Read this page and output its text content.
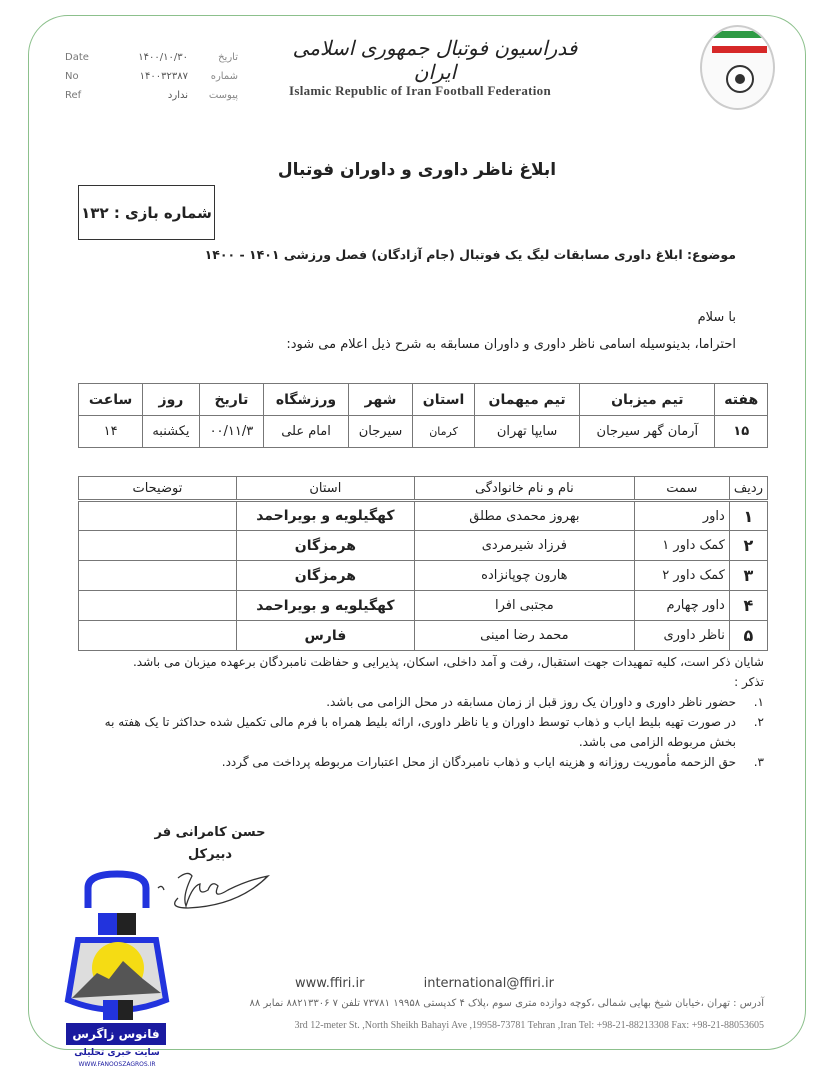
فدراسیون فوتبال جمهوری اسلامی ایران
Islamic Republic of Iran Football Federation
Date	۱۴۰۰/۱۰/۳۰	تاریخ
No	۱۴۰۰۳۲۳۸۷ شماره
Ref	ندارد پیوست
ابلاغ ناظر داوری و داوران فوتبال
شماره بازی : ۱۳۲
موضوع: ابلاغ داوری مسابقات لیگ یک فوتبال (جام آزادگان) فصل ورزشی ۱۴۰۱ - ۱۴۰۰
با سلام
احتراما، بدینوسیله اسامی ناظر داوری و داوران مسابقه به شرح ذیل اعلام می شود:
هفته	تیم میزبان	تیم میهمان	استان	شهر	ورزشگاه	تاریخ	روز	ساعت
۱۵	آرمان گهر سیرجان	سایپا تهران	کرمان	سیرجان	امام علی	۰۰/۱۱/۳	یکشنبه	۱۴
ردیف	سمت	نام و نام خانوادگی	استان	توضیحات
۱	داور	بهروز محمدی مطلق	کهگیلویه و بویراحمد	
۲	کمک داور ۱	فرزاد شیرمردی	هرمزگان	
۳	کمک داور ۲	هارون چوپانزاده	هرمزگان	
۴	داور چهارم	مجتبی افرا	کهگیلویه و بویراحمد	
۵	ناظر داوری	محمد رضا امینی	فارس	
شایان ذکر است، کلیه تمهیدات جهت استقبال، رفت و آمد داخلی، اسکان، پذیرایی و حفاظت نامبردگان برعهده میزبان می باشد.
تذکر :
۱.
حضور ناظر داوری و داوران یک روز قبل از زمان مسابقه در محل الزامی می باشد.
۲.
در صورت تهیه بلیط ایاب و ذهاب توسط داوران و یا ناظر داوری، ارائه بلیط همراه با فرم مالی تکمیل شده حداکثر تا یک هفته به بخش مربوطه الزامی می باشد.
۳.
حق الزحمه مأموریت روزانه و هزینه ایاب و ذهاب نامبردگان از محل اعتبارات مربوطه پرداخت می گردد.
حسن کامرانی فر
دبیرکل
www.ffiri.ir	international@ffiri.ir
آدرس : تهران ،خیابان شیخ بهایی شمالی ،کوچه دوازده متری سوم ،پلاک ۴ کدپستی ۱۹۹۵۸ ۷۳۷۸۱ تلفن ۷ ۸۸۲۱۳۳۰۶ نمابر ۸۸
3rd 12-meter St. ,North Sheikh Bahayi Ave ,19958-73781 Tehran ,Iran Tel: +98-21-88213308 Fax: +98-21-88053605
فانوس زاگرس
سایت خبری تحلیلی
WWW.FANOOSZAGROS.IR
